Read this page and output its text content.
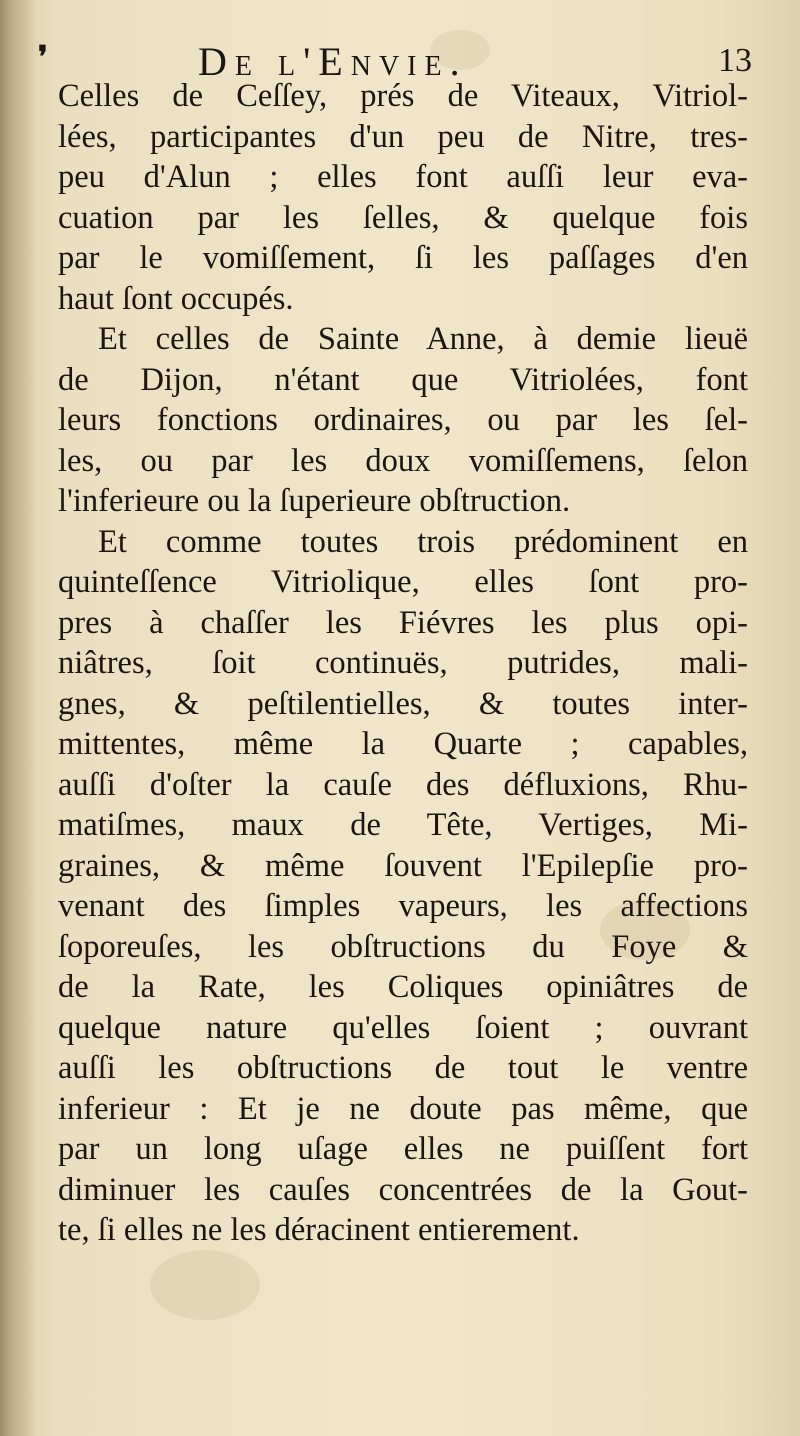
❜	De l'Envie.	13
Celles de Ceſſey, prés de Viteaux, Vitriol-
lées, participantes d'un peu de Nitre, tres-
peu d'Alun ; elles font auſſi leur eva-
cuation par les ſelles, & quelque fois
par le vomiſſement, ſi les paſſages d'en
haut ſont occupés.
Et celles de Sainte Anne, à demie lieuë
de Dijon, n'étant que Vitriolées, font
leurs fonctions ordinaires, ou par les ſel-
les, ou par les doux vomiſſemens, ſelon
l'inferieure ou la ſuperieure obſtruction.
Et comme toutes trois prédominent en
quinteſſence Vitriolique, elles ſont pro-
pres à chaſſer les Fiévres les plus opi-
niâtres, ſoit continuës, putrides, mali-
gnes, & peſtilentielles, & toutes inter-
mittentes, même la Quarte ; capables,
auſſi d'oſter la cauſe des défluxions, Rhu-
matiſmes, maux de Tête, Vertiges, Mi-
graines, & même ſouvent l'Epilepſie pro-
venant des ſimples vapeurs, les affections
ſoporeuſes, les obſtructions du Foye &
de la Rate, les Coliques opiniâtres de
quelque nature qu'elles ſoient ; ouvrant
auſſi les obſtructions de tout le ventre
inferieur : Et je ne doute pas même, que
par un long uſage elles ne puiſſent fort
diminuer les cauſes concentrées de la Gout-
te, ſi elles ne les déracinent entierement.
